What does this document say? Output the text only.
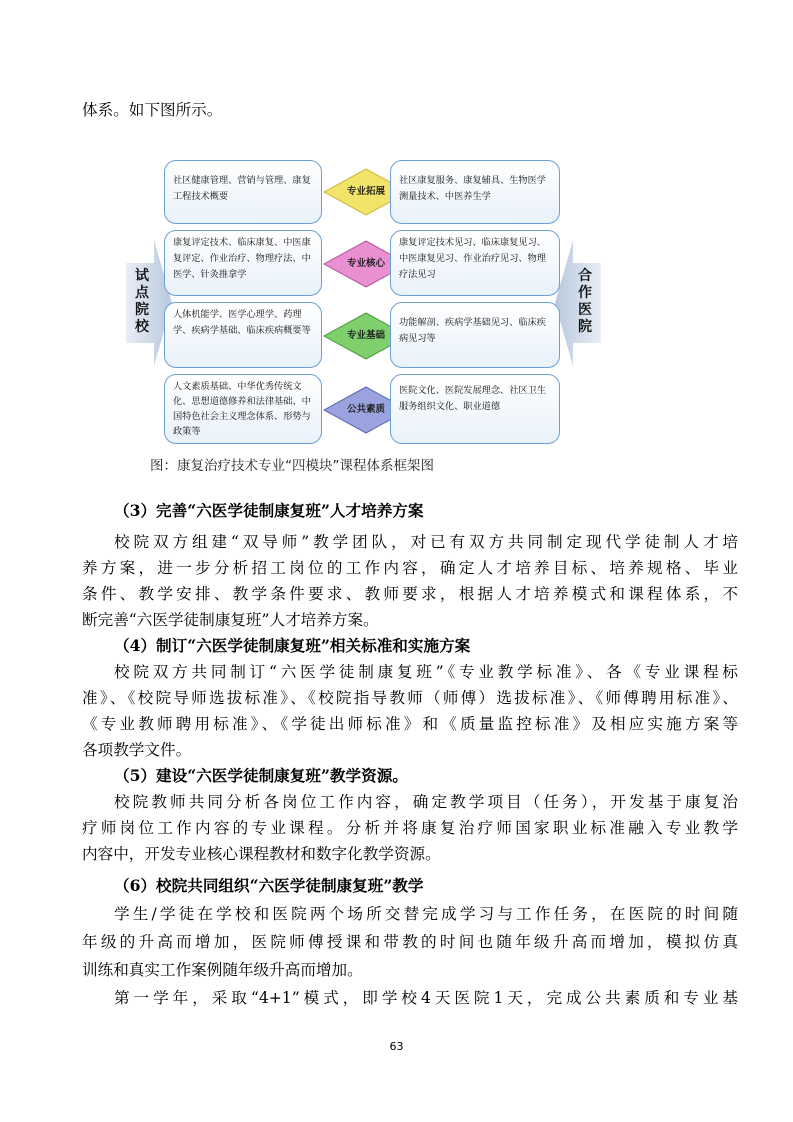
体系。如下图所示。
试点院校
合作医院
社区健康管理、营销与管理、康复工程技术概要	专业拓展
社区康复服务、康复辅具、生物医学测量技术、中医养生学
康复评定技术、临床康复、中医康复评定、作业治疗、物理疗法、中医学、针灸推拿学
专业核心
康复评定技术见习、临床康复见习、中医康复见习、作业治疗见习、物理疗法见习
人体机能学、医学心理学、药理学、疾病学基础、临床疾病概要等	专业基础
功能解剖、疾病学基础见习、临床疾病见习等
人文素质基础、中华优秀传统文化、思想道德修养和法律基础、中国特色社会主义理念体系、形势与政策等
公共素质
医院文化、医院发展理念、社区卫生服务组织文化、职业道德
图：康复治疗技术专业“四模块”课程体系框架图
（3）完善“六医学徒制康复班”人才培养方案
校院双方组建“双导师”教学团队，对已有双方共同制定现代学徒制人才培
养方案，进一步分析招工岗位的工作内容，确定人才培养目标、培养规格、毕业
条件、教学安排、教学条件要求、教师要求，根据人才培养模式和课程体系，不
断完善“六医学徒制康复班”人才培养方案。
（4）制订“六医学徒制康复班”相关标准和实施方案
校院双方共同制订“六医学徒制康复班”《专业教学标准》、各《专业课程标
准》、《校院导师选拔标准》、《校院指导教师（师傅）选拔标准》、《师傅聘用标准》、
《专业教师聘用标准》、《学徒出师标准》和《质量监控标准》及相应实施方案等
各项教学文件。
（5）建设“六医学徒制康复班”教学资源。
校院教师共同分析各岗位工作内容，确定教学项目（任务），开发基于康复治
疗师岗位工作内容的专业课程。分析并将康复治疗师国家职业标准融入专业教学
内容中，开发专业核心课程教材和数字化教学资源。
（6）校院共同组织“六医学徒制康复班”教学
学生/学徒在学校和医院两个场所交替完成学习与工作任务，在医院的时间随
年级的升高而增加，医院师傅授课和带教的时间也随年级升高而增加，模拟仿真
训练和真实工作案例随年级升高而增加。
第一学年，采取“4+1”模式，即学校4天医院1天，完成公共素质和专业基
63
